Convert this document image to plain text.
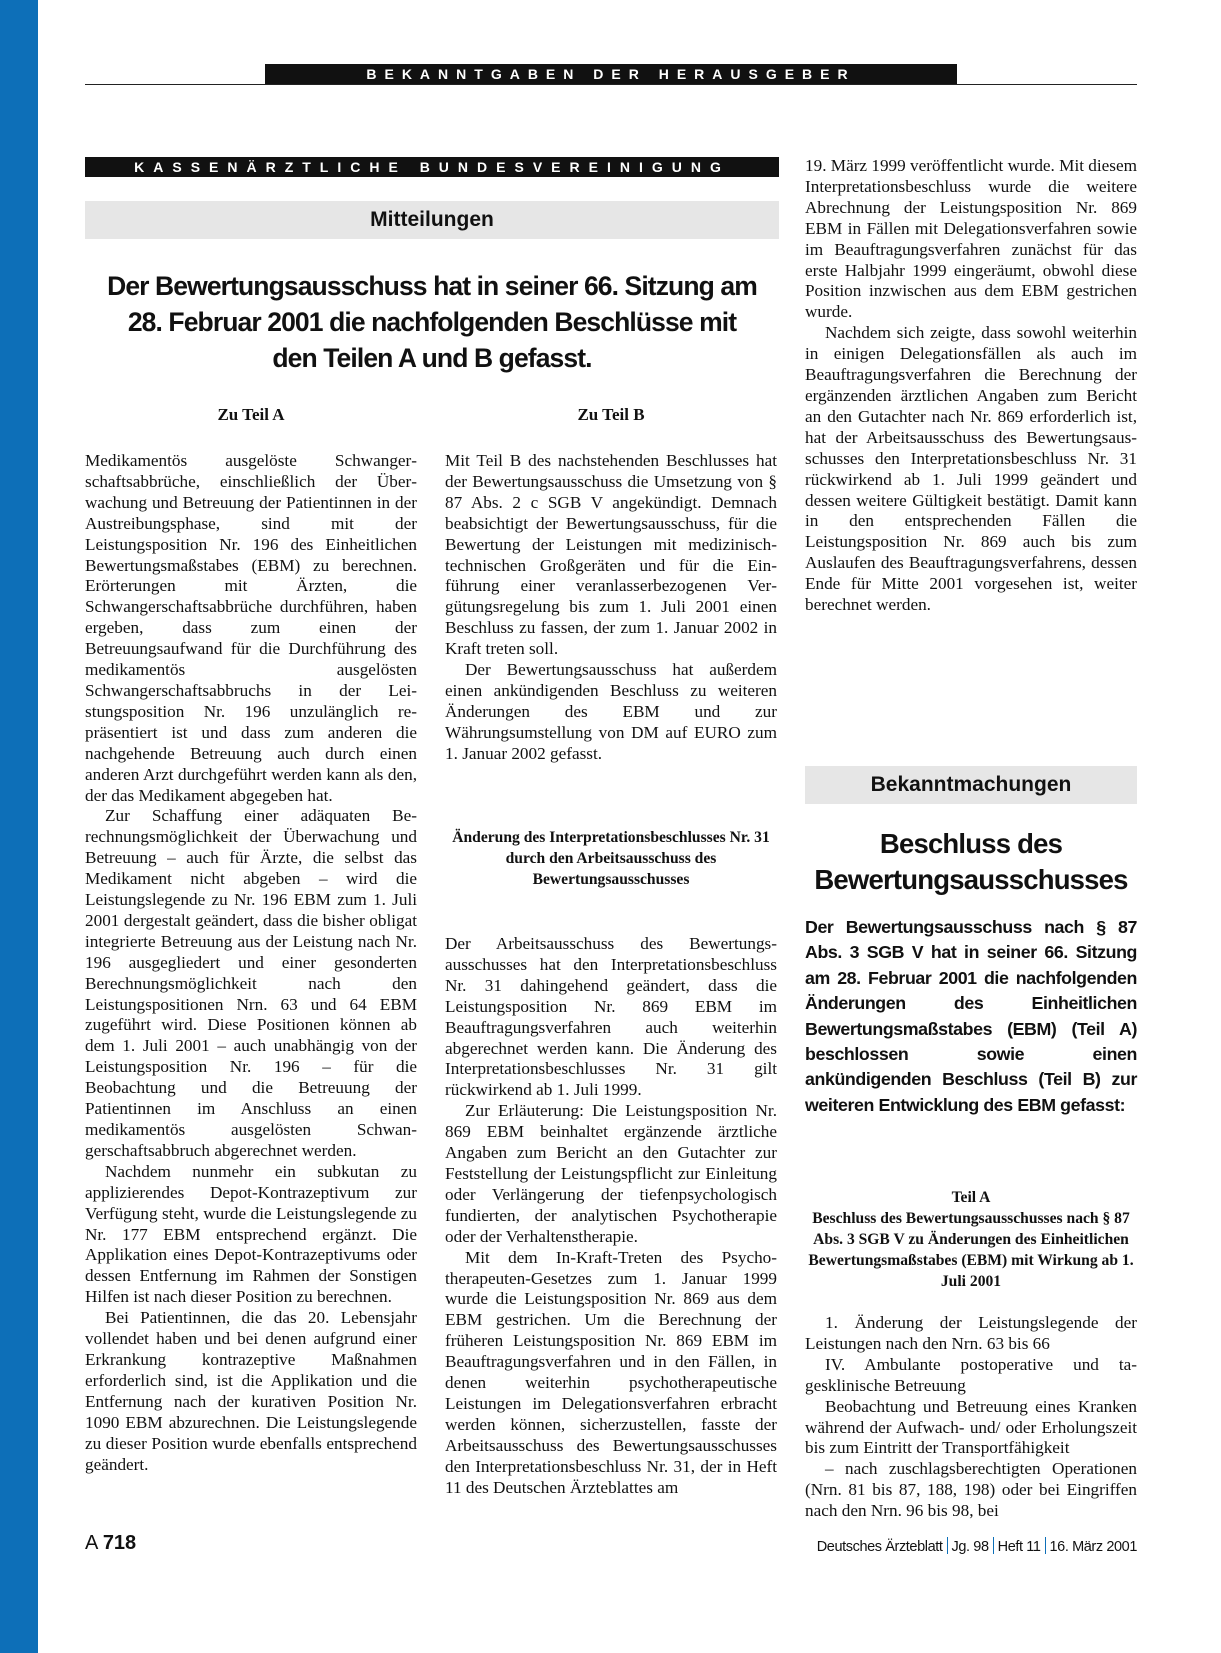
BEKANNTGABEN DER HERAUSGEBER
KASSENÄRZTLICHE BUNDESVEREINIGUNG
Mitteilungen
Der Bewertungsausschuss hat in seiner 66. Sitzung am 28. Februar 2001 die nachfolgenden Beschlüsse mit den Teilen A und B gefasst.
Zu Teil A

Medikamentös ausgelöste Schwangerschaftsabbrüche, einschließlich der Überwachung und Betreuung der Patientinnen in der Austreibungsphase, sind mit der Leistungsposition Nr. 196 des Einheitlichen Bewertungsmaßstabes (EBM) zu berechnen. Erörterungen mit Ärzten, die Schwangerschaftsabbrüche durchführen, haben ergeben, dass zum einen der Betreuungsaufwand für die Durchführung des medikamentös ausgelösten Schwangerschaftsabbruchs in der Leistungsposition Nr. 196 unzulänglich repräsentiert ist und dass zum anderen die nachgehende Betreuung auch durch einen anderen Arzt durchgeführt werden kann als den, der das Medikament abgegeben hat.

Zur Schaffung einer adäquaten Berechnungsmöglichkeit der Überwachung und Betreuung – auch für Ärzte, die selbst das Medikament nicht abgeben – wird die Leistungslegende zu Nr. 196 EBM zum 1. Juli 2001 dergestalt geändert, dass die bisher obligat integrierte Betreuung aus der Leistung nach Nr. 196 ausgegliedert und einer gesonderten Berechnungsmöglichkeit nach den Leistungspositionen Nrn. 63 und 64 EBM zugeführt wird. Diese Positionen können ab dem 1. Juli 2001 – auch unabhängig von der Leistungsposition Nr. 196 – für die Beobachtung und die Betreuung der Patientinnen im Anschluss an einen medikamentös ausgelösten Schwangerschaftsabbruch abgerechnet werden.

Nachdem nunmehr ein subkutan zu applizierendes Depot-Kontrazeptivum zur Verfügung steht, wurde die Leistungslegende zu Nr. 177 EBM entsprechend ergänzt. Die Applikation eines Depot-Kontrazeptivums oder dessen Entfernung im Rahmen der Sonstigen Hilfen ist nach dieser Position zu berechnen.

Bei Patientinnen, die das 20. Lebensjahr vollendet haben und bei denen aufgrund einer Erkrankung kontrazeptive Maßnahmen erforderlich sind, ist die Applikation und die Entfernung nach der kurativen Position Nr. 1090 EBM abzurechnen. Die Leistungslegende zu dieser Position wurde ebenfalls entsprechend geändert.

Zu Teil B

Mit Teil B des nachstehenden Beschlusses hat der Bewertungsausschuss die Umsetzung von § 87 Abs. 2 c SGB V angekündigt. Demnach beabsichtigt der Bewertungsausschuss, für die Bewertung der Leistungen mit medizinisch-technischen Großgeräten und für die Einführung einer veranlasserbezogenen Vergütungsregelung bis zum 1. Juli 2001 einen Beschluss zu fassen, der zum 1. Januar 2002 in Kraft treten soll.

Der Bewertungsausschuss hat außerdem einen ankündigenden Beschluss zu weiteren Änderungen des EBM und zur Währungsumstellung von DM auf EURO zum 1. Januar 2002 gefasst.

Änderung des Interpretationsbeschlusses Nr. 31 durch den Arbeitsausschuss des Bewertungsausschusses

Der Arbeitsausschuss des Bewertungsausschusses hat den Interpretationsbeschluss Nr. 31 dahingehend geändert, dass die Leistungsposition Nr. 869 EBM im Beauftragungsverfahren auch weiterhin abgerechnet werden kann. Die Änderung des Interpretationsbeschlusses Nr. 31 gilt rückwirkend ab 1. Juli 1999.

Zur Erläuterung: Die Leistungsposition Nr. 869 EBM beinhaltet ergänzende ärztliche Angaben zum Bericht an den Gutachter zur Feststellung der Leistungspflicht zur Einleitung oder Verlängerung der tiefenpsychologisch fundierten, der analytischen Psychotherapie oder der Verhaltenstherapie.

Mit dem In-Kraft-Treten des Psychotherapeuten-Gesetzes zum 1. Januar 1999 wurde die Leistungsposition Nr. 869 aus dem EBM gestrichen. Um die Berechnung der früheren Leistungsposition Nr. 869 EBM im Beauftragungsverfahren und in den Fällen, in denen weiterhin psychotherapeutische Leistungen im Delegationsverfahren erbracht werden können, sicherzustellen, fasste der Arbeitsausschuss des Bewertungsausschusses den Interpretationsbeschluss Nr. 31, der in Heft 11 des Deutschen Ärzteblattes am

19. März 1999 veröffentlicht wurde. Mit diesem Interpretationsbeschluss wurde die weitere Abrechnung der Leistungsposition Nr. 869 EBM in Fällen mit Delegationsverfahren sowie im Beauftragungsverfahren zunächst für das erste Halbjahr 1999 eingeräumt, obwohl diese Position inzwischen aus dem EBM gestrichen wurde.

Nachdem sich zeigte, dass sowohl weiterhin in einigen Delegationsfällen als auch im Beauftragungsverfahren die Berechnung der ergänzenden ärztlichen Angaben zum Bericht an den Gutachter nach Nr. 869 erforderlich ist, hat der Arbeitsausschuss des Bewertungsausschusses den Interpretationsbeschluss Nr. 31 rückwirkend ab 1. Juli 1999 geändert und dessen weitere Gültigkeit bestätigt. Damit kann in den entsprechenden Fällen die Leistungsposition Nr. 869 auch bis zum Auslaufen des Beauftragungsverfahrens, dessen Ende für Mitte 2001 vorgesehen ist, weiter berechnet werden.

Bekanntmachungen
Beschluss des Bewertungsausschusses
Der Bewertungsausschuss nach § 87 Abs. 3 SGB V hat in seiner 66. Sitzung am 28. Februar 2001 die nachfolgenden Änderungen des Einheitlichen Bewertungsmaßstabes (EBM) (Teil A) beschlossen sowie einen ankündigenden Beschluss (Teil B) zur weiteren Entwicklung des EBM gefasst:
Teil A
Beschluss des Bewertungsausschusses nach § 87 Abs. 3 SGB V zu Änderungen des Einheitlichen Bewertungsmaßstabes (EBM) mit Wirkung ab 1. Juli 2001

1. Änderung der Leistungslegende der Leistungen nach den Nrn. 63 bis 66

IV. Ambulante postoperative und tagesklinische Betreuung

Beobachtung und Betreuung eines Kranken während der Aufwach- und/ oder Erholungszeit bis zum Eintritt der Transportfähigkeit

– nach zuschlagsberechtigten Operationen (Nrn. 81 bis 87, 188, 198) oder bei Eingriffen nach den Nrn. 96 bis 98, bei

A 718	Deutsches Ärzteblatt Jg. 98 Heft 11 16. März 2001
